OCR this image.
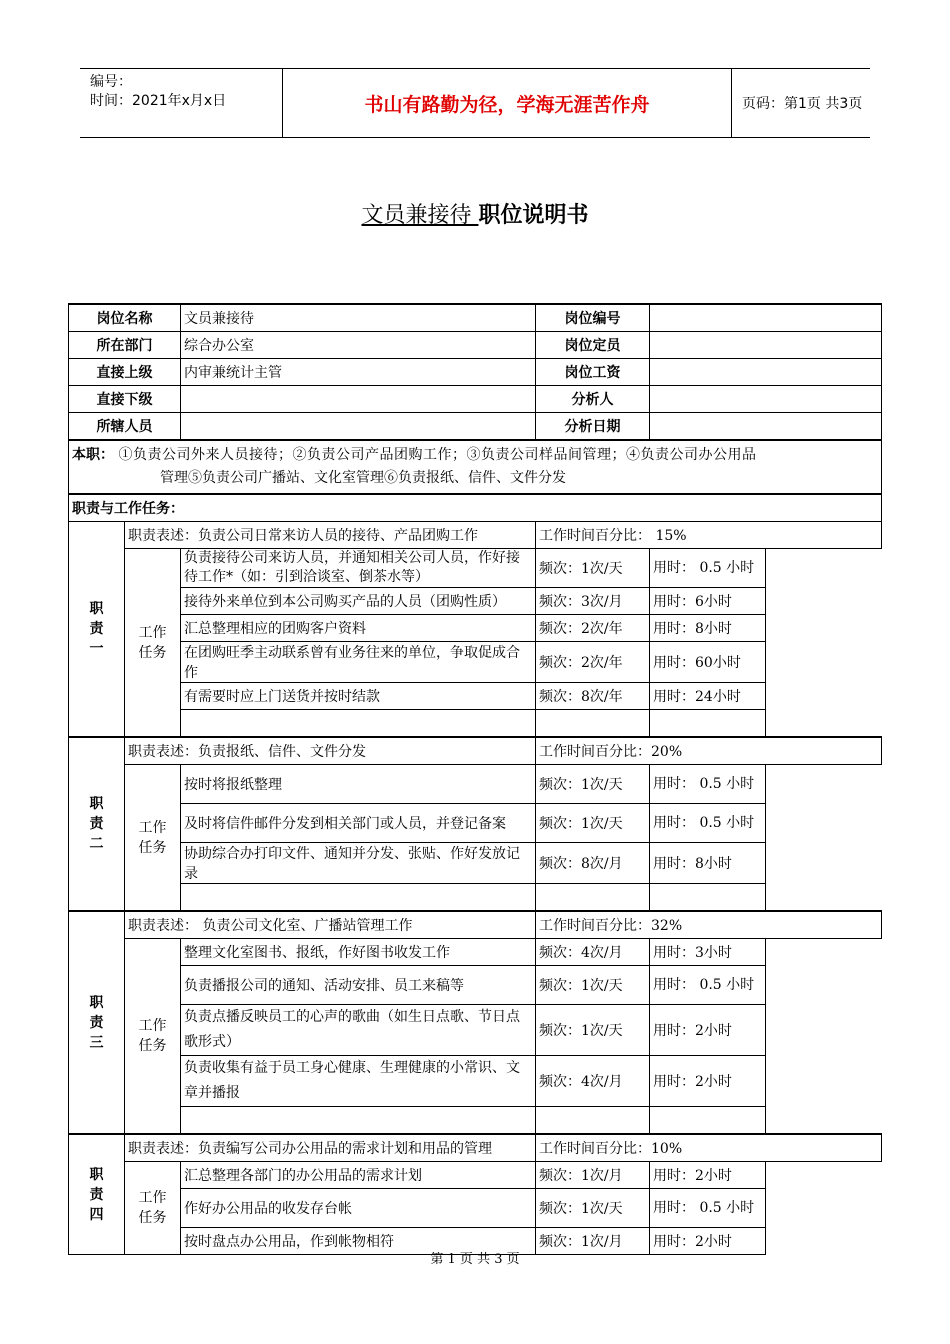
编号：
时间：2021年x月x日	书山有路勤为径，学海无涯苦作舟	页码：第1页 共3页
文员兼接待 职位说明书
岗位名称		文员兼接待	岗位编号	
所在部门		综合办公室	岗位定员	
直接上级		内审兼统计主管	岗位工资	
直接下级			分析人	
所辖人员			分析日期	
本职： ①负责公司外来人员接待；②负责公司产品团购工作；③负责公司样品间管理；④负责公司办公用品
管理⑤负责公司广播站、文化室管理⑥负责报纸、信件、文件分发				
职责与工作任务：				
职责一	职责表述：负责公司日常来访人员的接待、产品团购工作		工作时间百分比： 15%	
	工作任务	负责接待公司来访人员，并通知相关公司人员，作好接待工作*（如：引到洽谈室、倒茶水等）	频次：1次/天	用时： 0.5 小时
		接待外来单位到本公司购买产品的人员（团购性质）	频次：3次/月	用时：6小时
		汇总整理相应的团购客户资料	频次：2次/年	用时：8小时
		在团购旺季主动联系曾有业务往来的单位，争取促成合作	频次：2次/年	用时：60小时
		有需要时应上门送货并按时结款	频次：8次/年	用时：24小时

职责二	职责表述：负责报纸、信件、文件分发		工作时间百分比：20%	
	工作任务	按时将报纸整理	频次：1次/天	用时： 0.5 小时
		及时将信件邮件分发到相关部门或人员，并登记备案	频次：1次/天	用时： 0.5 小时
		协助综合办打印文件、通知并分发、张贴、作好发放记录	频次：8次/月	用时：8小时

职责三	职责表述： 负责公司文化室、广播站管理工作		工作时间百分比：32%	
	工作任务	整理文化室图书、报纸，作好图书收发工作	频次：4次/月	用时：3小时
		负责播报公司的通知、活动安排、员工来稿等	频次：1次/天	用时： 0.5 小时
		负责点播反映员工的心声的歌曲（如生日点歌、节日点歌形式）	频次：1次/天	用时：2小时
		负责收集有益于员工身心健康、生理健康的小常识、文章并播报	频次：4次/月	用时：2小时

职责四	职责表述：负责编写公司办公用品的需求计划和用品的管理		工作时间百分比：10%	
	工作任务	汇总整理各部门的办公用品的需求计划	频次：1次/月	用时：2小时
		作好办公用品的收发存台帐	频次：1次/天	用时： 0.5 小时
		按时盘点办公用品，作到帐物相符	频次：1次/月	用时：2小时
第 1 页 共 3 页
